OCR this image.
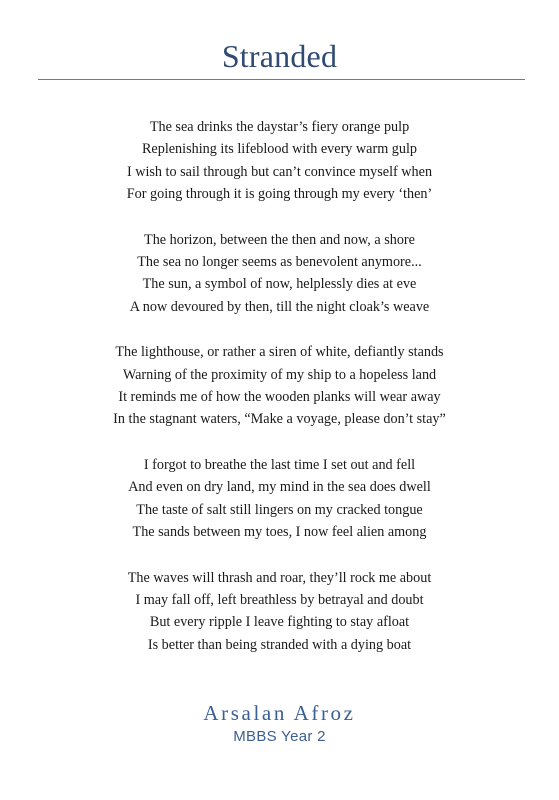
Stranded
The sea drinks the daystar’s fiery orange pulp
Replenishing its lifeblood with every warm gulp
I wish to sail through but can’t convince myself when
For going through it is going through my every ‘then’
The horizon, between the then and now, a shore
The sea no longer seems as benevolent anymore...
The sun, a symbol of now, helplessly dies at eve
A now devoured by then, till the night cloak’s weave
The lighthouse, or rather a siren of white, defiantly stands
Warning of the proximity of my ship to a hopeless land
It reminds me of how the wooden planks will wear away
In the stagnant waters, “Make a voyage, please don’t stay”
I forgot to breathe the last time I set out and fell
And even on dry land, my mind in the sea does dwell
The taste of salt still lingers on my cracked tongue
The sands between my toes, I now feel alien among
The waves will thrash and roar, they’ll rock me about
I may fall off, left breathless by betrayal and doubt
But every ripple I leave fighting to stay afloat
Is better than being stranded with a dying boat
Arsalan Afroz
MBBS Year 2
